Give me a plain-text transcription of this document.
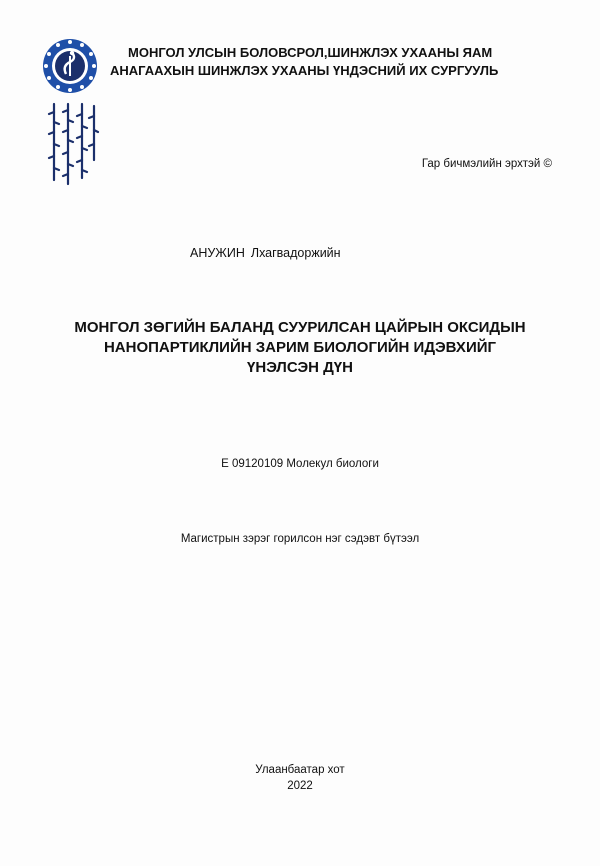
МОНГОЛ УЛСЫН БОЛОВСРОЛ,ШИНЖЛЭХ УХААНЫ ЯАМ
АНАГААХЫН ШИНЖЛЭХ УХААНЫ ҮНДЭСНИЙ ИХ СУРГУУЛЬ
Гар бичмэлийн эрхтэй ©
АНУЖИН Лхагвадоржийн
МОНГОЛ ЗӨГИЙН БАЛАНД СУУРИЛСАН ЦАЙРЫН ОКСИДЫН
НАНОПАРТИКЛИЙН ЗАРИМ БИОЛОГИЙН ИДЭВХИЙГ
ҮНЭЛСЭН ДҮН
E 09120109 Молекул биологи
Магистрын зэрэг горилсон нэг сэдэвт бүтээл
Улаанбаатар хот
2022
